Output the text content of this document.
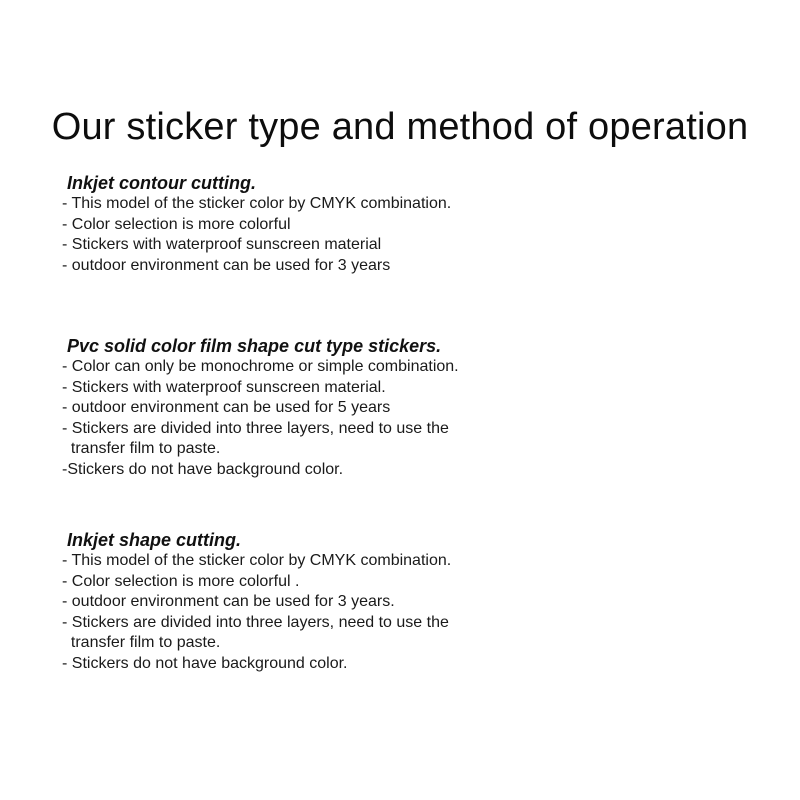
Our sticker type and method of operation
Inkjet contour cutting.
- This model of the sticker color by CMYK combination.
- Color selection is more colorful
- Stickers with waterproof sunscreen material
- outdoor environment can be used for 3 years
Pvc solid color film shape cut type stickers.
- Color can only be monochrome or simple combination.
- Stickers with waterproof sunscreen material.
- outdoor environment can be used for 5 years
- Stickers are divided into three layers, need to use the
transfer film to paste.
-Stickers do not have background color.
Inkjet shape cutting.
- This model of the sticker color by CMYK combination.
- Color selection is more colorful .
- outdoor environment can be used for 3 years.
- Stickers are divided into three layers, need to use the
transfer film to paste.
- Stickers do not have background color.
